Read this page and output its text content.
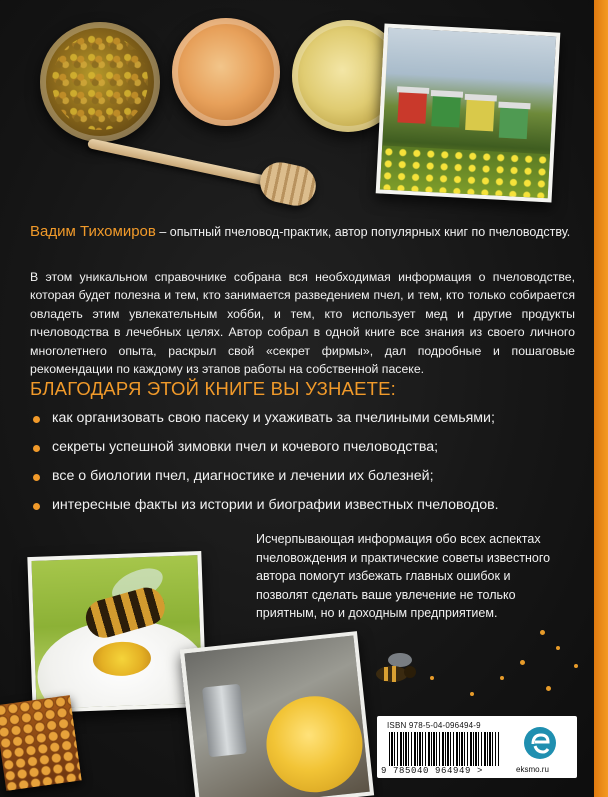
Вадим Тихомиров – опытный пчеловод-практик, автор популярных книг по пчеловодству.
В этом уникальном справочнике собрана вся необходимая информация о пчеловодстве, которая будет полезна и тем, кто занимается разведением пчел, и тем, кто только собирается овладеть этим увлекательным хобби, и тем, кто использует мед и другие продукты пчеловодства в лечебных целях. Автор собрал в одной книге все знания из своего личного многолетнего опыта, раскрыл свой «секрет фирмы», дал подробные и пошаговые рекомендации по каждому из этапов работы на собственной пасеке.
БЛАГОДАРЯ ЭТОЙ КНИГЕ ВЫ УЗНАЕТЕ:
как организовать свою пасеку и ухаживать за пчелиными семьями;
секреты успешной зимовки пчел и кочевого пчеловодства;
все о биологии пчел, диагностике и лечении их болезней;
интересные факты из истории и биографии известных пчеловодов.
Исчерпывающая информация обо всех аспектах пчеловождения и практические советы известного автора помогут избежать главных ошибок и позволят сделать ваше увлечение не только приятным, но и доходным предприятием.
ISBN 978-5-04-096494-9
9 785040 964949 >	eksmo.ru
